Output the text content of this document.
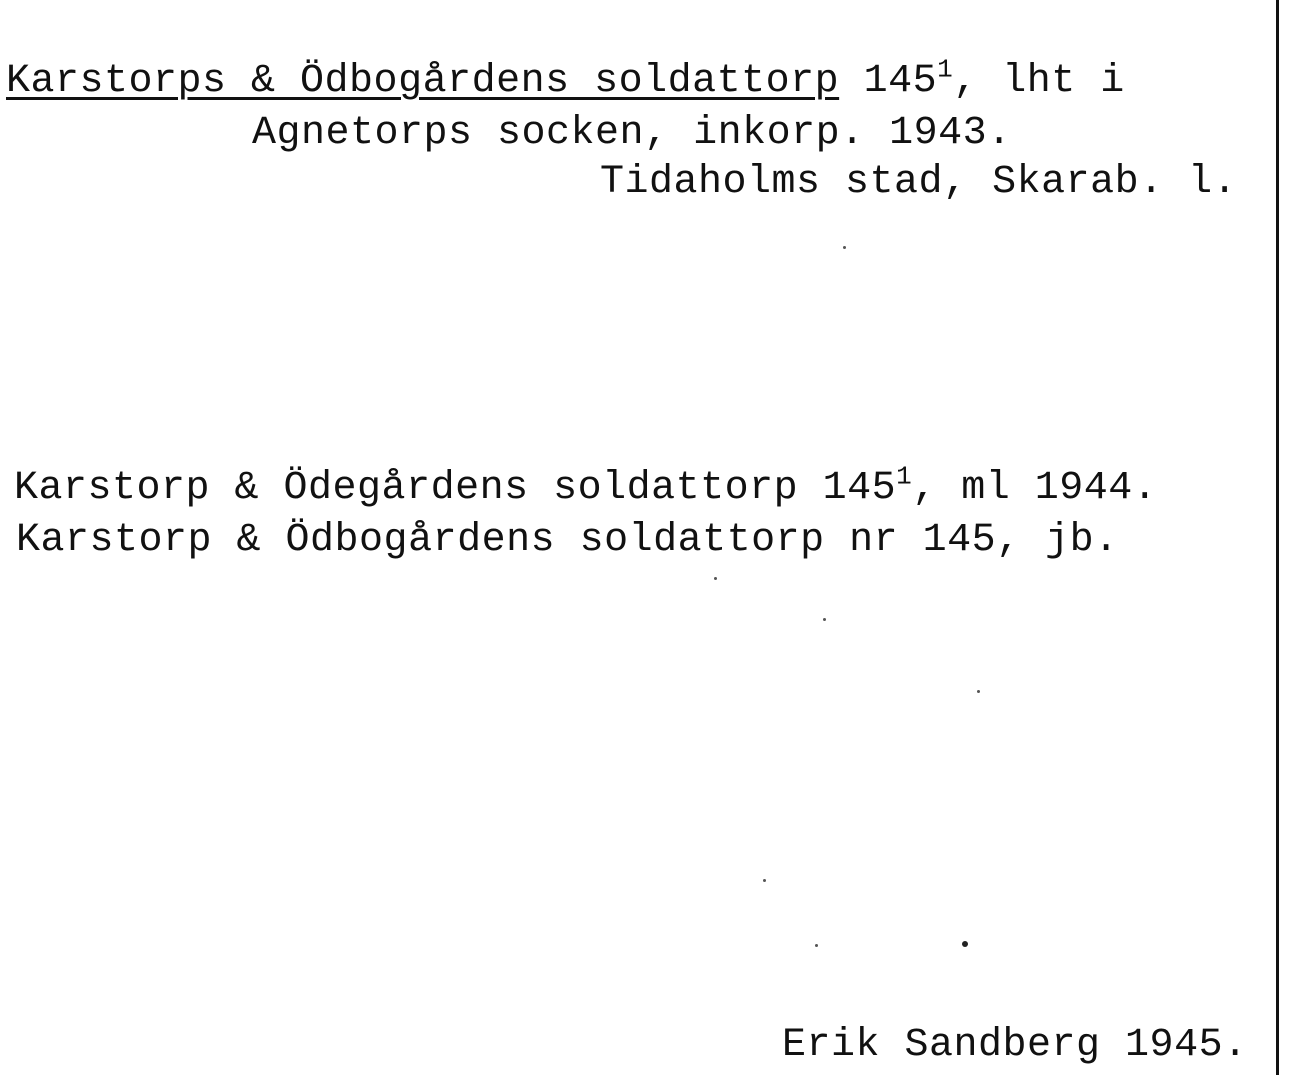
Karstorps & Ödbogårdens soldattorp $145^1$, lht i
Agnetorps socken, inkorp. 1943.
Tidaholms stad, Skarab. l.
Karstorp & Ödegårdens soldattorp $145^1$, ml 1944.
Karstorp & Ödbogårdens soldattorp nr 145, jb.
Erik Sandberg 1945.
